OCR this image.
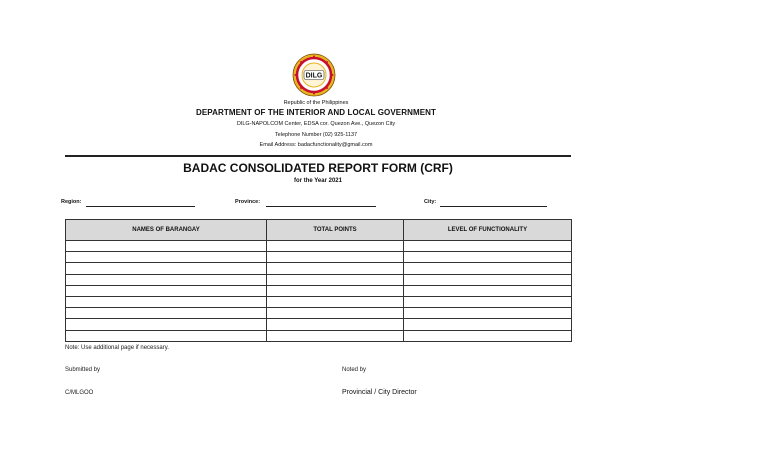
DILG
Republic of the Philippines
DEPARTMENT OF THE INTERIOR AND LOCAL GOVERNMENT
DILG-NAPOLCOM Center, EDSA cor. Quezon Ave., Quezon City
Telephone Number (02) 925-1137
Email Address: badacfunctionality@gmail.com
BADAC CONSOLIDATED REPORT FORM (CRF)
for the Year 2021
Region:	Province:	City:
NAMES OF BARANGAY	TOTAL POINTS	LEVEL OF FUNCTIONALITY

Note: Use additional page if necessary.
Submitted by	Noted by
C/MLGOO	Provincial / City Director
